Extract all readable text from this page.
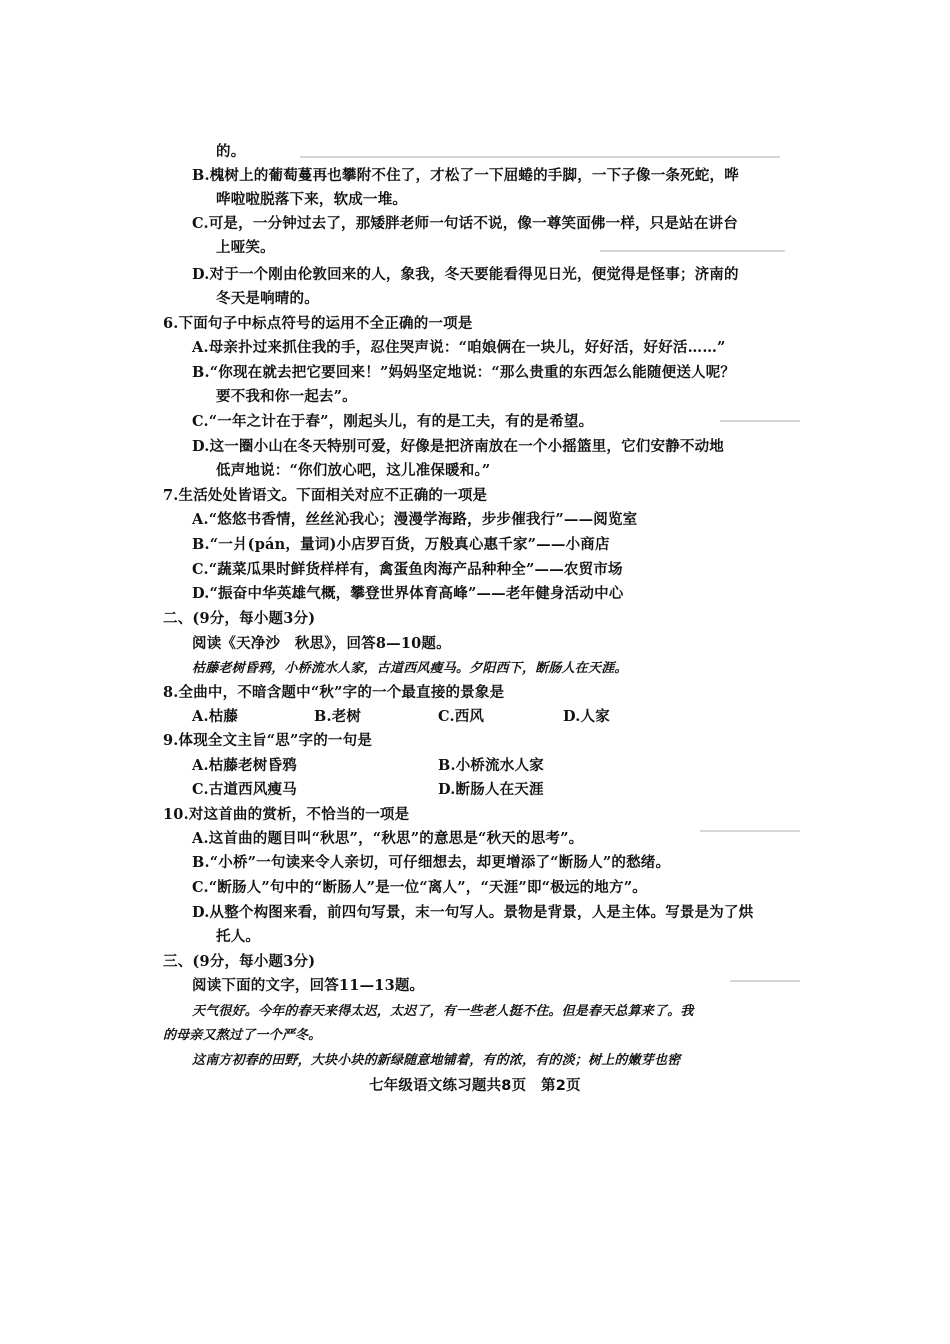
的。
B.槐树上的葡萄蔓再也攀附不住了，才松了一下屈蜷的手脚，一下子像一条死蛇，哗
哗啦啦脱落下来，软成一堆。
C.可是，一分钟过去了，那矮胖老师一句话不说，像一尊笑面佛一样，只是站在讲台
上哑笑。
D.对于一个刚由伦敦回来的人，象我，冬天要能看得见日光，便觉得是怪事；济南的
冬天是响晴的。
6.下面句子中标点符号的运用不全正确的一项是
A.母亲扑过来抓住我的手，忍住哭声说：“咱娘俩在一块儿，好好活，好好活……”
B.“你现在就去把它要回来！”妈妈坚定地说：“那么贵重的东西怎么能随便送人呢？
要不我和你一起去”。
C.“一年之计在于春”，刚起头儿，有的是工夫，有的是希望。
D.这一圈小山在冬天特别可爱，好像是把济南放在一个小摇篮里，它们安静不动地
低声地说：“你们放心吧，这儿准保暖和。”
7.生活处处皆语文。下面相关对应不正确的一项是
A.“悠悠书香情，丝丝沁我心；漫漫学海路，步步催我行”——阅览室
B.“一爿(pán，量词)小店罗百货，万般真心惠千家”——小商店
C.“蔬菜瓜果时鲜货样样有，禽蛋鱼肉海产品种种全”——农贸市场
D.“振奋中华英雄气概，攀登世界体育高峰”——老年健身活动中心
二、(9分，每小题3分)
阅读《天净沙　秋思》，回答8—10题。
枯藤老树昏鸦，小桥流水人家，古道西风瘦马。夕阳西下，断肠人在天涯。
8.全曲中，不暗含题中“秋”字的一个最直接的景象是
A.枯藤	B.老树	C.西风	D.人家
9.体现全文主旨“思”字的一句是
A.枯藤老树昏鸦	B.小桥流水人家
C.古道西风瘦马	D.断肠人在天涯
10.对这首曲的赏析，不恰当的一项是
A.这首曲的题目叫“秋思”，“秋思”的意思是“秋天的思考”。
B.“小桥”一句读来令人亲切，可仔细想去，却更增添了“断肠人”的愁绪。
C.“断肠人”句中的“断肠人”是一位“离人”，“天涯”即“极远的地方”。
D.从整个构图来看，前四句写景，末一句写人。景物是背景，人是主体。写景是为了烘
托人。
三、(9分，每小题3分)
阅读下面的文字，回答11—13题。
天气很好。今年的春天来得太迟，太迟了，有一些老人挺不住。但是春天总算来了。我
的母亲又熬过了一个严冬。
这南方初春的田野，大块小块的新绿随意地铺着，有的浓，有的淡；树上的嫩芽也密
七年级语文练习题共8页　第2页
